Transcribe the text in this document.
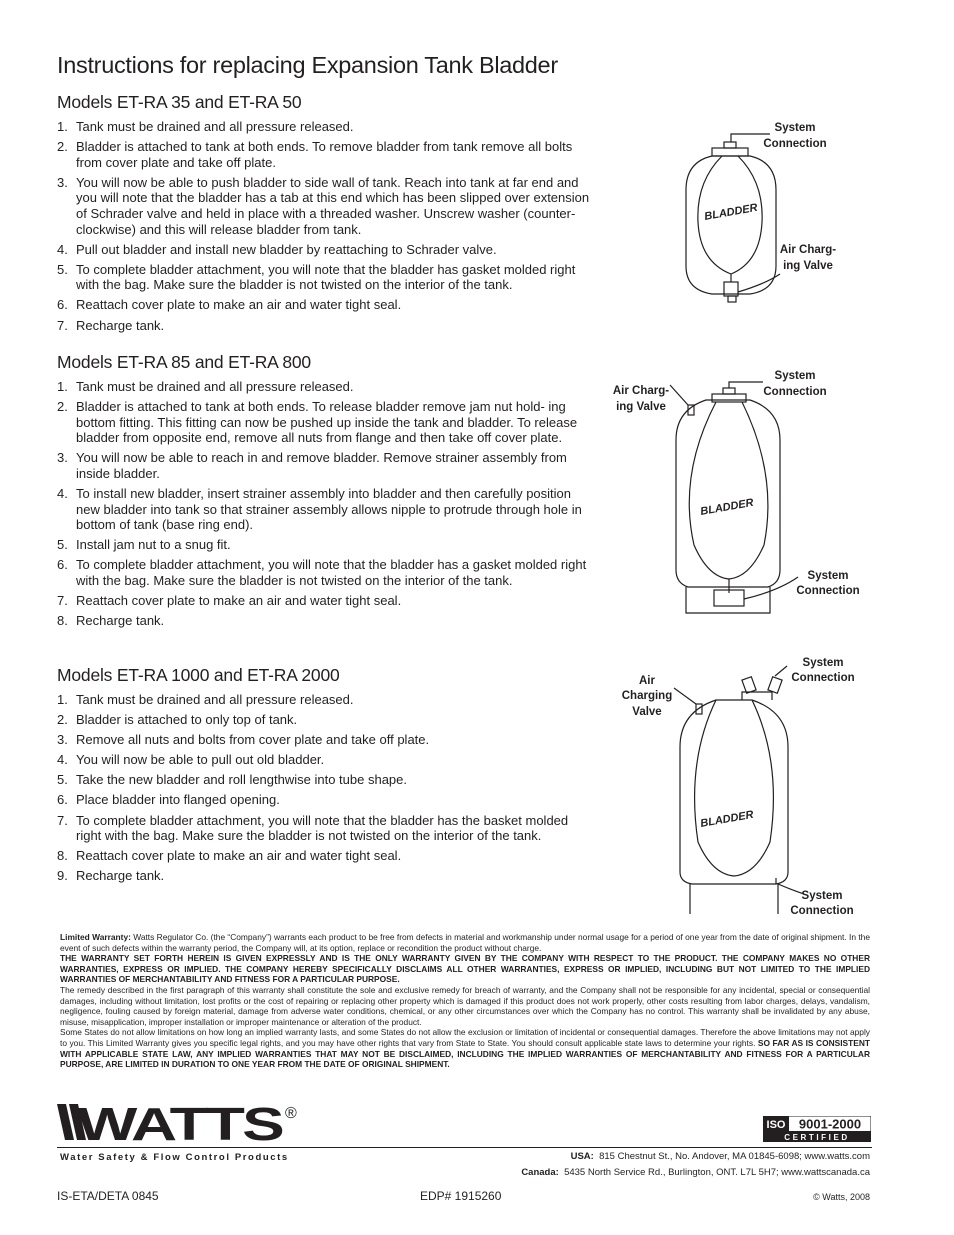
Instructions for replacing Expansion Tank Bladder
Models ET-RA 35 and ET-RA 50
1. Tank must be drained and all pressure released.
2. Bladder is attached to tank at both ends. To remove bladder from tank remove all bolts from cover plate and take off plate.
3. You will now be able to push bladder to side wall of tank. Reach into tank at far end and you will note that the bladder has a tab at this end which has been slipped over extension of Schrader valve and held in place with a threaded washer. Unscrew washer (counter- clockwise) and this will release bladder from tank.
4. Pull out bladder and install new bladder by reattaching to Schrader valve.
5. To complete bladder attachment, you will note that the bladder has gasket molded right with the bag. Make sure the bladder is not twisted on the interior of the tank.
6. Reattach cover plate to make an air and water tight seal.
7. Recharge tank.
Models ET-RA 85 and ET-RA 800
1. Tank must be drained and all pressure released.
2. Bladder is attached to tank at both ends. To release bladder remove jam nut hold- ing bottom fitting. This fitting can now be pushed up inside the tank and bladder. To release bladder from opposite end, remove all nuts from flange and then take off cover plate.
3. You will now be able to reach in and remove bladder. Remove strainer assembly from inside bladder.
4. To install new bladder, insert strainer assembly into bladder and then carefully position new bladder into tank so that strainer assembly allows nipple to protrude through hole in bottom of tank (base ring end).
5. Install jam nut to a snug fit.
6. To complete bladder attachment, you will note that the bladder has a gasket molded right with the bag. Make sure the bladder is not twisted on the interior of the tank.
7. Reattach cover plate to make an air and water tight seal.
8. Recharge tank.
Models ET-RA 1000 and ET-RA 2000
1. Tank must be drained and all pressure released.
2. Bladder is attached to only top of tank.
3. Remove all nuts and bolts from cover plate and take off plate.
4. You will now be able to pull out old bladder.
5. Take the new bladder and roll lengthwise into tube shape.
6. Place bladder into flanged opening.
7. To complete bladder attachment, you will note that the bladder has the basket molded right with the bag. Make sure the bladder is not twisted on the interior of the tank.
8. Reattach cover plate to make an air and water tight seal.
9. Recharge tank.
System
Connection
BLADDER
Air Charg-
ing Valve
System
Connection
Air Charg-
ing Valve
BLADDER
System
Connection
System
Connection
Air
Charging
Valve
BLADDER
System
Connection

Limited Warranty: Watts Regulator Co. (the “Company”) warrants each product to be free from defects in material and workmanship under normal usage for a period of one year from the date of original shipment. In the event of such defects within the warranty period, the Company will, at its option, replace or recondition the product without charge.

THE WARRANTY SET FORTH HEREIN IS GIVEN EXPRESSLY AND IS THE ONLY WARRANTY GIVEN BY THE COMPANY WITH RESPECT TO THE PRODUCT. THE COMPANY MAKES NO OTHER WARRANTIES, EXPRESS OR IMPLIED. THE COMPANY HEREBY SPECIFICALLY DISCLAIMS ALL OTHER WARRANTIES, EXPRESS OR IMPLIED, INCLUDING BUT NOT LIMITED TO THE IMPLIED WARRANTIES OF MERCHANTABILITY AND FITNESS FOR A PARTICULAR PURPOSE.

The remedy described in the first paragraph of this warranty shall constitute the sole and exclusive remedy for breach of warranty, and the Company shall not be responsible for any incidental, special or consequential damages, including without limitation, lost profits or the cost of repairing or replacing other property which is damaged if this product does not work properly, other costs resulting from labor charges, delays, vandalism, negligence, fouling caused by foreign material, damage from adverse water conditions, chemical, or any other circumstances over which the Company has no control. This warranty shall be invalidated by any abuse, misuse, misapplication, improper installation or improper maintenance or alteration of the product.

Some States do not allow limitations on how long an implied warranty lasts, and some States do not allow the exclusion or limitation of incidental or consequential damages. Therefore the above limitations may not apply to you. This Limited Warranty gives you specific legal rights, and you may have other rights that vary from State to State. You should consult applicable state laws to determine your rights. SO FAR AS IS CONSISTENT WITH APPLICABLE STATE LAW, ANY IMPLIED WARRANTIES THAT MAY NOT BE DISCLAIMED, INCLUDING THE IMPLIED WARRANTIES OF MERCHANTABILITY AND FITNESS FOR A PARTICULAR PURPOSE, ARE LIMITED IN DURATION TO ONE YEAR FROM THE DATE OF ORIGINAL SHIPMENT.

WATTS ®
ISO 9001-2000
CERTIFIED
Water Safety & Flow Control Products	USA: 815 Chestnut St., No. Andover, MA 01845-6098; www.watts.com
Canada: 5435 North Service Rd., Burlington, ONT. L7L 5H7; www.wattscanada.ca
IS-ETA/DETA 0845	EDP# 1915260	© Watts, 2008
